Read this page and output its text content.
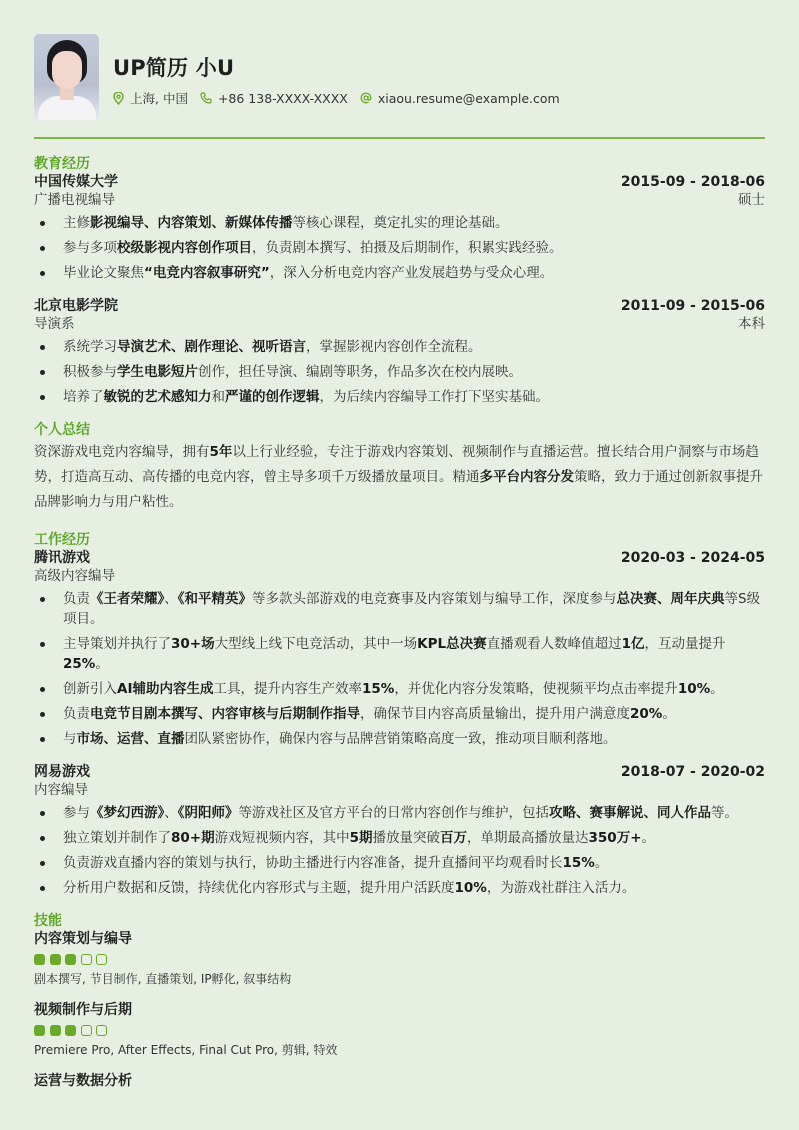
UP简历 小U
上海, 中国 +86 138-XXXX-XXXX xiaou.resume@example.com
教育经历
中国传媒大学	2015-09 - 2018-06
广播电视编导	硕士
主修影视编导、内容策划、新媒体传播等核心课程，奠定扎实的理论基础。
参与多项校级影视内容创作项目，负责剧本撰写、拍摄及后期制作，积累实践经验。
毕业论文聚焦“电竞内容叙事研究”，深入分析电竞内容产业发展趋势与受众心理。
北京电影学院	2011-09 - 2015-06
导演系	本科
系统学习导演艺术、剧作理论、视听语言，掌握影视内容创作全流程。
积极参与学生电影短片创作，担任导演、编剧等职务，作品多次在校内展映。
培养了敏锐的艺术感知力和严谨的创作逻辑，为后续内容编导工作打下坚实基础。
个人总结
资深游戏电竞内容编导，拥有5年以上行业经验，专注于游戏内容策划、视频制作与直播运营。擅长结合用户洞察与市场趋势，打造高互动、高传播的电竞内容，曾主导多项千万级播放量项目。精通多平台内容分发策略，致力于通过创新叙事提升品牌影响力与用户粘性。
工作经历
腾讯游戏	2020-03 - 2024-05
高级内容编导
负责《王者荣耀》、《和平精英》等多款头部游戏的电竞赛事及内容策划与编导工作，深度参与总决赛、周年庆典等S级项目。
主导策划并执行了30+场大型线上线下电竞活动，其中一场KPL总决赛直播观看人数峰值超过1亿，互动量提升25%。
创新引入AI辅助内容生成工具，提升内容生产效率15%，并优化内容分发策略，使视频平均点击率提升10%。
负责电竞节目剧本撰写、内容审核与后期制作指导，确保节目内容高质量输出，提升用户满意度20%。
与市场、运营、直播团队紧密协作，确保内容与品牌营销策略高度一致，推动项目顺利落地。
网易游戏	2018-07 - 2020-02
内容编导
参与《梦幻西游》、《阴阳师》等游戏社区及官方平台的日常内容创作与维护，包括攻略、赛事解说、同人作品等。
独立策划并制作了80+期游戏短视频内容，其中5期播放量突破百万，单期最高播放量达350万+。
负责游戏直播内容的策划与执行，协助主播进行内容准备，提升直播间平均观看时长15%。
分析用户数据和反馈，持续优化内容形式与主题，提升用户活跃度10%，为游戏社群注入活力。
技能
内容策划与编导
剧本撰写, 节目制作, 直播策划, IP孵化, 叙事结构
视频制作与后期
Premiere Pro, After Effects, Final Cut Pro, 剪辑, 特效
运营与数据分析
